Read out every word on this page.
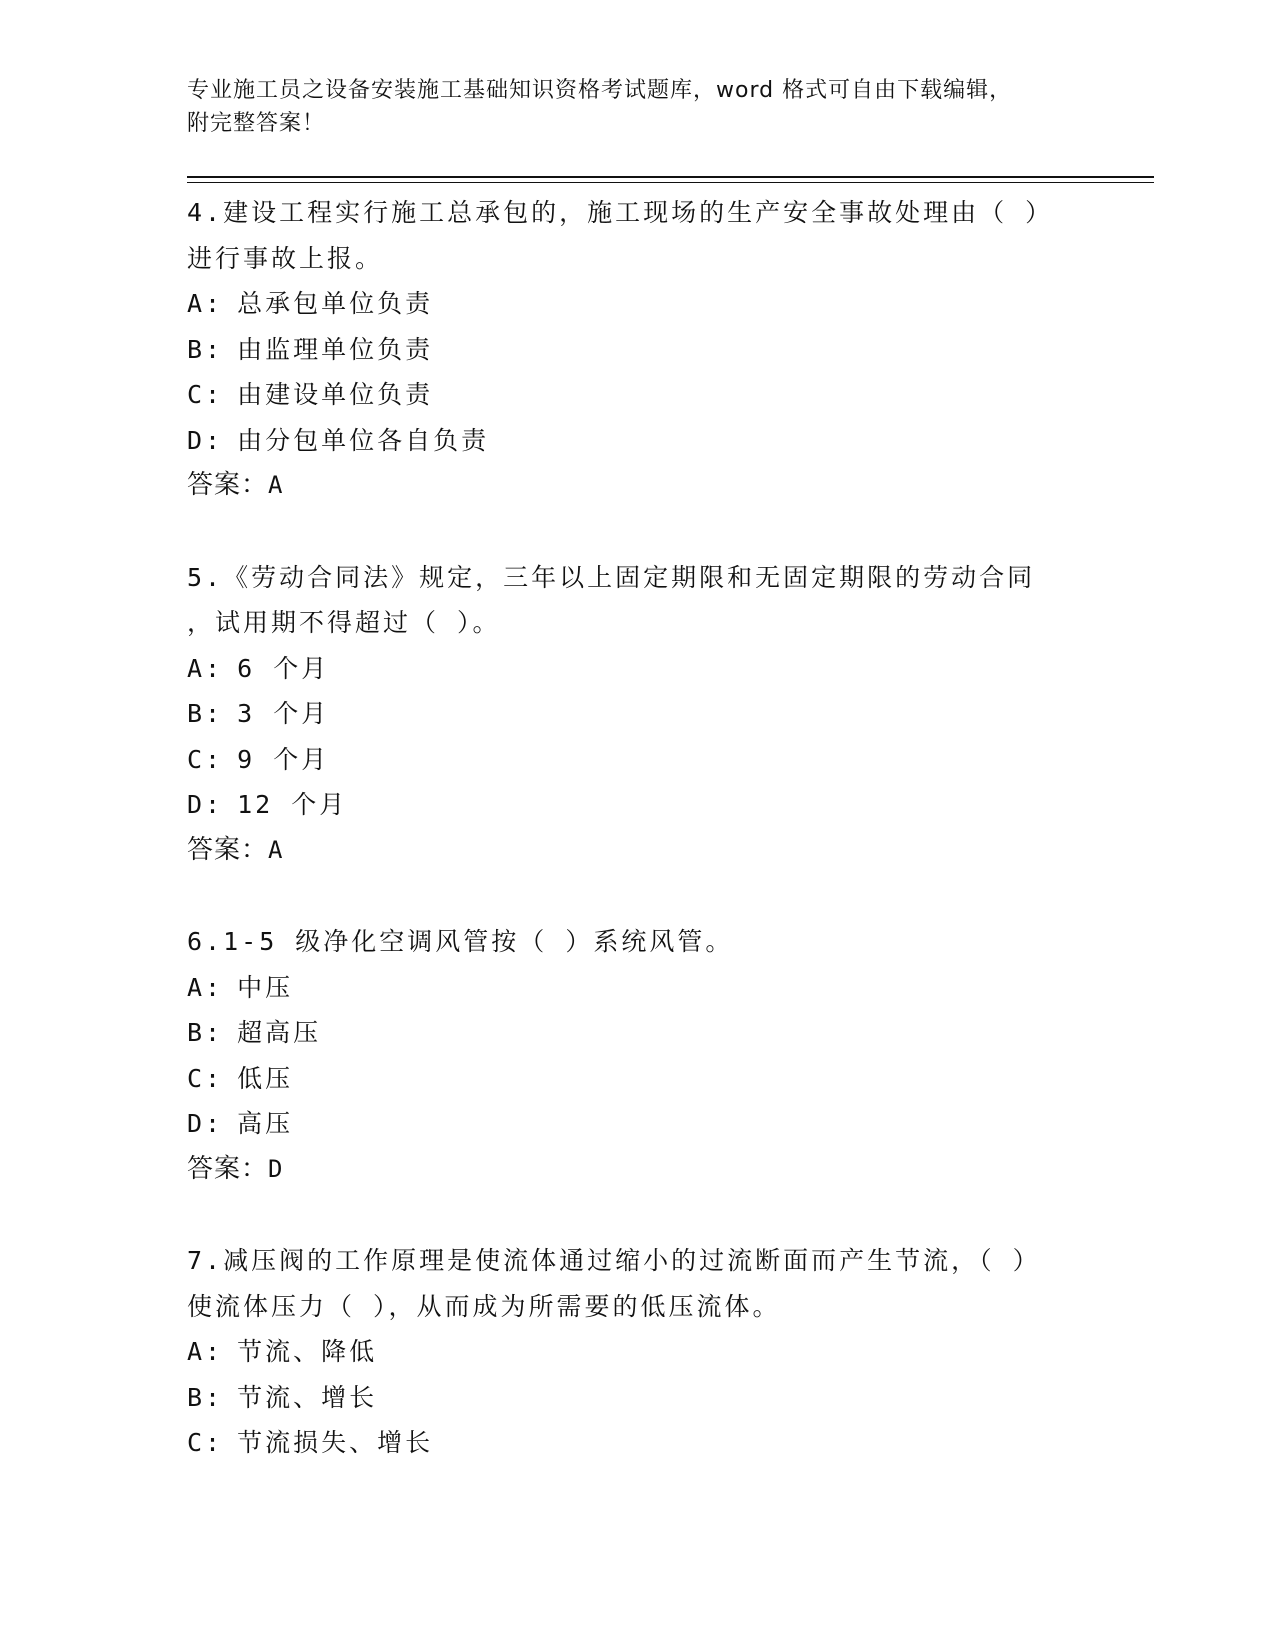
专业施工员之设备安装施工基础知识资格考试题库，word 格式可自由下载编辑，
附完整答案！
4.建设工程实行施工总承包的，施工现场的生产安全事故处理由（ ）
进行事故上报。
A: 总承包单位负责
B: 由监理单位负责
C: 由建设单位负责
D: 由分包单位各自负责
答案：A
5.《劳动合同法》规定，三年以上固定期限和无固定期限的劳动合同
，试用期不得超过（ ）。
A: 6 个月
B: 3 个月
C: 9 个月
D: 12 个月
答案：A
6.1-5 级净化空调风管按（ ）系统风管。
A: 中压
B: 超高压
C: 低压
D: 高压
答案：D
7.减压阀的工作原理是使流体通过缩小的过流断面而产生节流，（ ）
使流体压力（ ），从而成为所需要的低压流体。
A: 节流、降低
B: 节流、增长
C: 节流损失、增长
